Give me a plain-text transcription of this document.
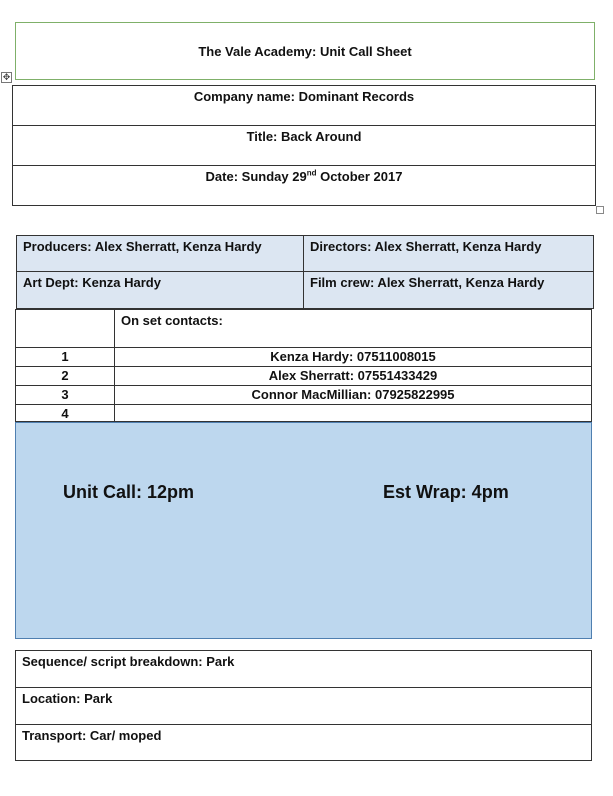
The Vale Academy: Unit Call Sheet
✥
Company name: Dominant Records
Title: Back Around
Date: Sunday 29nd October 2017
Producers: Alex Sherratt, Kenza Hardy	Directors: Alex Sherratt, Kenza Hardy
Art Dept: Kenza Hardy	Film crew: Alex Sherratt, Kenza Hardy
On set contacts:
1	Kenza Hardy: 07511008015
2	Alex Sherratt: 07551433429
3	Connor MacMillian: 07925822995
4
Unit Call: 12pm	Est Wrap: 4pm
Sequence/ script breakdown: Park
Location: Park
Transport: Car/ moped
